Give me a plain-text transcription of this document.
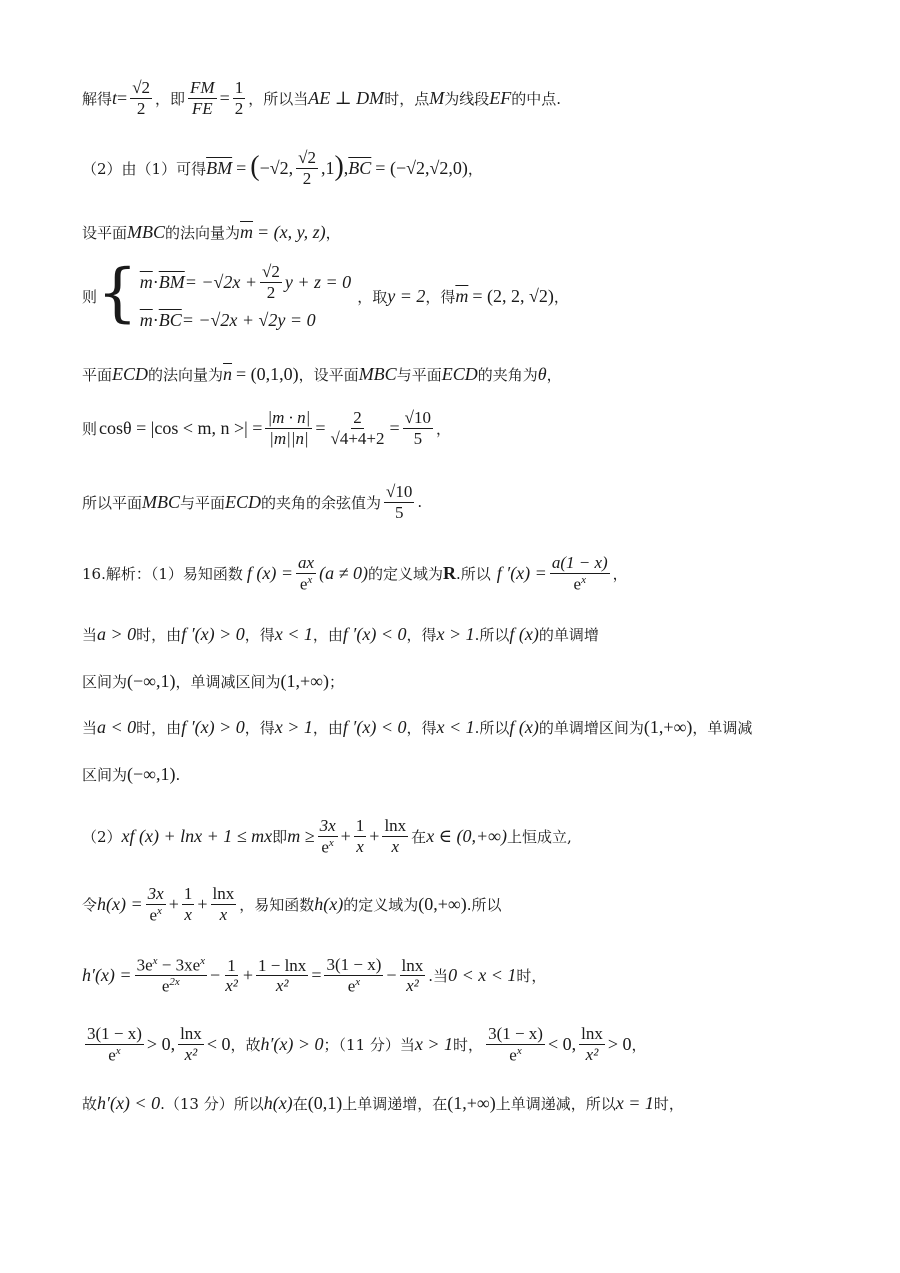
解得 $t = \frac{√2}{2}$ ，即 $\frac{FM}{FE} = \frac{1}{2}$ ，所以当 AE ⊥ DM 时，点 M 为线段 EF 的中点.
（2）由（1）可得 $\overline{BM}$ = ( −√2, $\frac{√2}{2} ,1$ ) , $\overline{BC} = (-√2,√2,0)$ ，
设平面 MBC 的法向量为 $\overline{m} = (x$, y, z) ，
则 { $\overline{m} \cdot \overline{BM} = -√2x + \frac{√2}{2}$ y + z = 0
$\overline{m} \cdot \overline{BC} = -√2x + √2y = 0$
，取 y = 2 ，得 $\overline{m} = (2$, 2, √2) ，
平面 ECD 的法向量为 $\overline{n} = (0,1,0)$ ，设平面 MBC 与平面 ECD 的夹角为 θ ，
则 cosθ = |cos < m, n >| = $\frac{|m \cdot n|}{|m||n|} = 2$
√ 4+4+2 = √ $\frac{10}{5}$ ，
所以平面 MBC 与平面 ECD 的夹角的余弦值为 √ $\frac{10}{5}$ .
16.解析：（1）易知函数 f $(x) = \frac{ax}{e^x} (a \ne 0)$ 的定义域为 R .所以 f $'(x) = \frac{a(1 - x)}{e^x}$ ，
当 a > 0 时，由 f ′(x) > 0 ，得 x < 1 ，由 f ′(x) < 0 ，得 x > 1 .所以 f (x) 的单调增
区间为 (−∞,1) ，单调减区间为 (1,+∞) ；
当 a < 0 时，由 f ′(x) > 0 ，得 x > 1 ，由 f ′(x) < 0 ，得 x < 1 .所以 f (x) 的单调增区间为 (1,+∞) ，单调减
区间为 (−∞,1) .
（2） xf (x) + lnx + 1 ≤ mx 即 $m \ge \frac{3x}{e^x} + \frac{1}{x} + \frac{\ln x}{x}$ 在 x ∈ (0,+∞) 上恒成立,
令 $h(x) = \frac{3x}{e^x} + \frac{1}{x} + \frac{\ln x}{x}$ ，易知函数 h(x) 的定义域为 (0,+∞) .所以
$h'(x) = \frac{3e^x - 3xe^x}{e^{2x}} - \frac{1}{\text{x²}} + \frac{1 - \ln x}{\text{x²}} = \frac{3(1 - x)}{e^x} - \frac{\ln x}{\text{x²}}$ .当 0 < x < 1 时，
$\frac{3(1 - x)}{e^x} > 0$, $\frac{\ln x}{\text{x²}} < 0$ ，故 h′(x) > 0 ；（11 分）当 x > 1 时， $\frac{3(1 - x)}{e^x} < 0$, $\frac{\ln x}{\text{x²}} > 0$ ，
故 h′(x) < 0 .（13 分）所以 h(x) 在 (0,1) 上单调递增，在 (1,+∞) 上单调递减，所以 x = 1 时，
